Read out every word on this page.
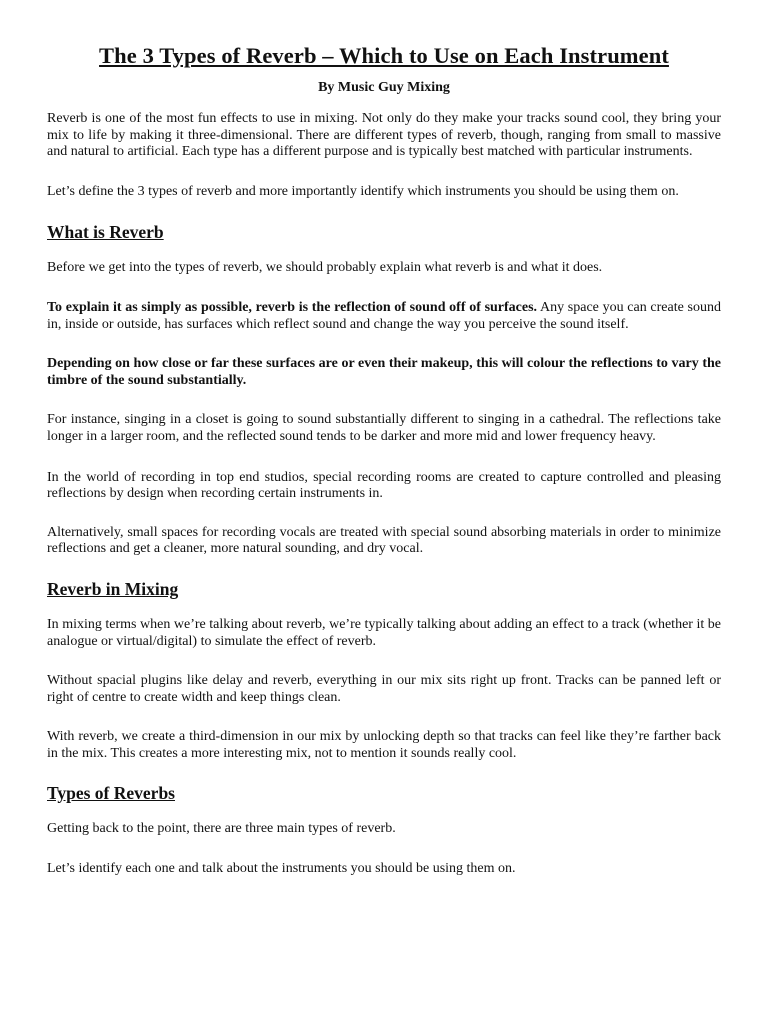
The 3 Types of Reverb – Which to Use on Each Instrument
By Music Guy Mixing

Reverb is one of the most fun effects to use in mixing. Not only do they make your tracks sound cool, they bring your mix to life by making it three-dimensional. There are different types of reverb, though, ranging from small to massive and natural to artificial. Each type has a different purpose and is typically best matched with particular instruments.

Let’s define the 3 types of reverb and more importantly identify which instruments you should be using them on.

What is Reverb

Before we get into the types of reverb, we should probably explain what reverb is and what it does.

To explain it as simply as possible, reverb is the reflection of sound off of surfaces. Any space you can create sound in, inside or outside, has surfaces which reflect sound and change the way you perceive the sound itself.

Depending on how close or far these surfaces are or even their makeup, this will colour the reflections to vary the timbre of the sound substantially.

For instance, singing in a closet is going to sound substantially different to singing in a cathedral. The reflections take longer in a larger room, and the reflected sound tends to be darker and more mid and lower frequency heavy.

In the world of recording in top end studios, special recording rooms are created to capture controlled and pleasing reflections by design when recording certain instruments in.

Alternatively, small spaces for recording vocals are treated with special sound absorbing materials in order to minimize reflections and get a cleaner, more natural sounding, and dry vocal.

Reverb in Mixing

In mixing terms when we’re talking about reverb, we’re typically talking about adding an effect to a track (whether it be analogue or virtual/digital) to simulate the effect of reverb.

Without spacial plugins like delay and reverb, everything in our mix sits right up front. Tracks can be panned left or right of centre to create width and keep things clean.

With reverb, we create a third-dimension in our mix by unlocking depth so that tracks can feel like they’re farther back in the mix. This creates a more interesting mix, not to mention it sounds really cool.

Types of Reverbs

Getting back to the point, there are three main types of reverb.

Let’s identify each one and talk about the instruments you should be using them on.
